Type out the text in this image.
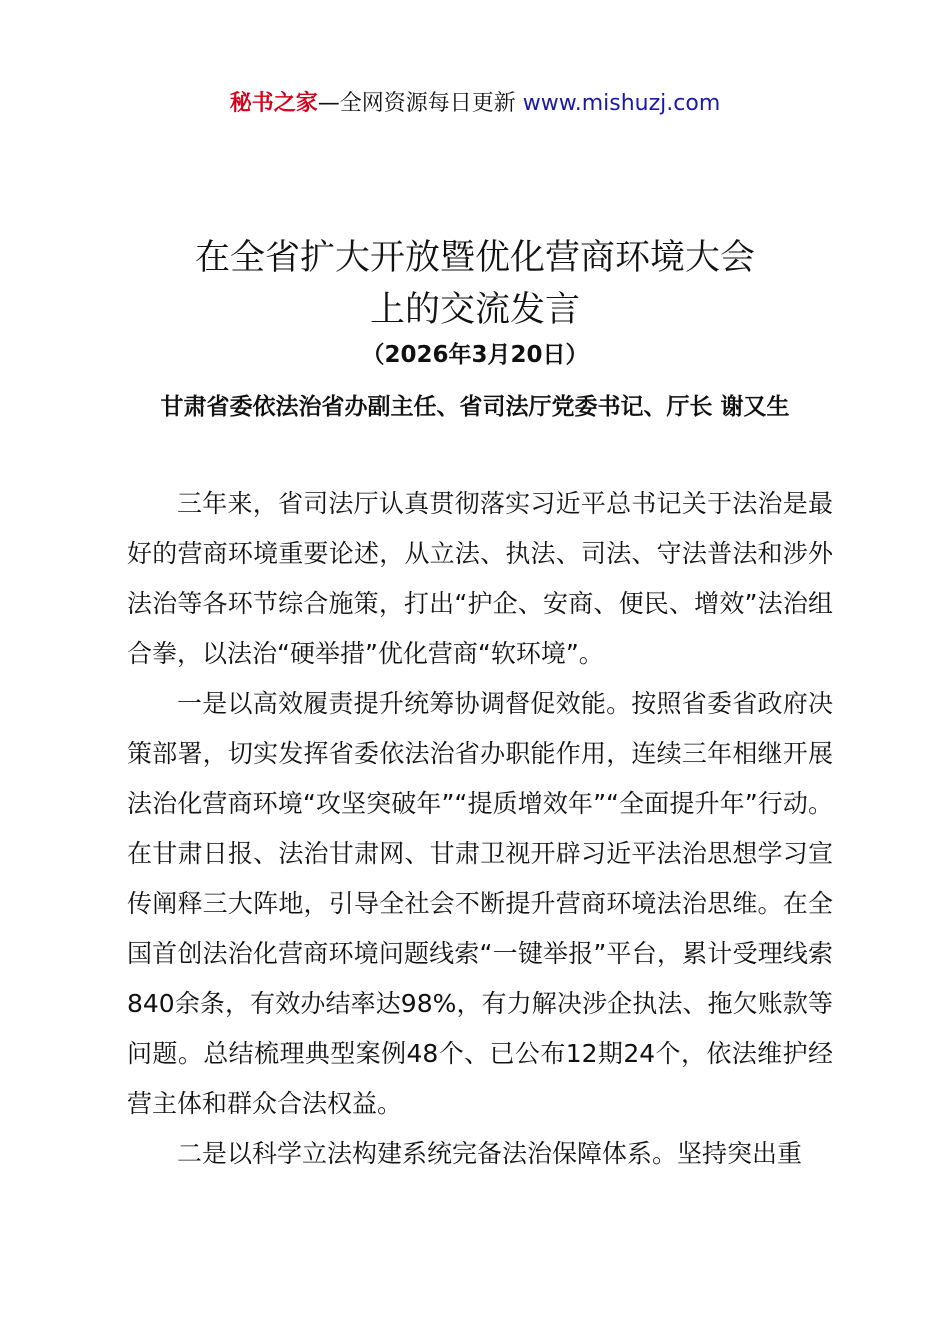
秘书之家—全网资源每日更新 www.mishuzj.com
在全省扩大开放暨优化营商环境大会
上的交流发言
（2026年3月20日）
甘肃省委依法治省办副主任、省司法厅党委书记、厅长 谢又生

三年来，省司法厅认真贯彻落实习近平总书记关于法治是最好的营商环境重要论述，从立法、执法、司法、守法普法和涉外法治等各环节综合施策，打出“护企、安商、便民、增效”法治组合拳，以法治“硬举措”优化营商“软环境”。

一是以高效履责提升统筹协调督促效能。按照省委省政府决策部署，切实发挥省委依法治省办职能作用，连续三年相继开展法治化营商环境“攻坚突破年”“提质增效年”“全面提升年”行动。在甘肃日报、法治甘肃网、甘肃卫视开辟习近平法治思想学习宣传阐释三大阵地，引导全社会不断提升营商环境法治思维。在全国首创法治化营商环境问题线索“一键举报”平台，累计受理线索840余条，有效办结率达98%，有力解决涉企执法、拖欠账款等问题。总结梳理典型案例48个、已公布12期24个，依法维护经营主体和群众合法权益。

二是以科学立法构建系统完备法治保障体系。坚持突出重
